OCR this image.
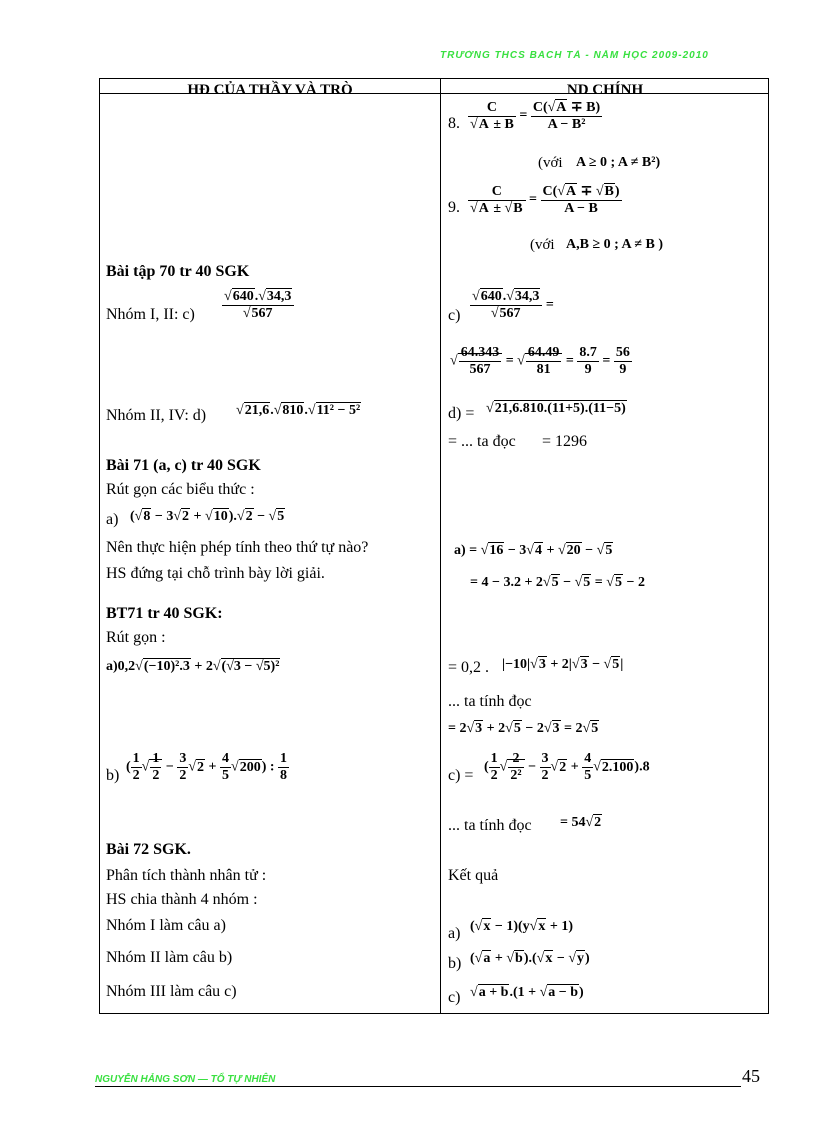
TRƯỜNG THCS BÁCH TẢ - NĂM HỌC 2009-2010
HĐ CỦA THẦY VÀ TRÒ	ND CHÍNH
Bài tập 70 tr 40 SGK
Nhóm I, II: $c) \frac{√640.√34,3}{√567}$
Nhóm II, IV: d) √21,6.√810.√11² − 5²
Bài 71 (a, c) tr 40 SGK
Rút gọn các biểu thức :
a) (√8 − 3√2 + √10).√2 − √5
Nên thực hiện phép tính theo thứ tự nào?
HS đứng tại chỗ trình bày lời giải.
BT71 tr 40 SGK:
Rút gọn :
a)0,2√(−10)².3 + 2√(√3 − √5)²
b) ( $\frac{1}{2}$ √ $\frac{1}{2} - \frac{3}{2} √2 + \frac{4}{5} √200$) : $\frac{1}{8}$
Bài 72 SGK.
Phân tích thành nhân tử :
HS chia thành 4 nhóm :
Nhóm I làm câu a)
Nhóm II làm câu b)
Nhóm III làm câu c)
8. $\frac{C}{√A \pm B} = \frac{C(√A \mp B)}{\text{A − B²}}$
(với A ≥ 0 ; A ≠ B²)
9. $\frac{C}{√A \pm √B} = \frac{C(√A \mp √B)}{A - B}$
(với A,B ≥ 0 ; A ≠ B )
$c) \frac{√640.√34,3}{√567}$ =
√ $\frac{64.343}{567}$ = √ $\frac{64.49}{81} = \frac{8.7}{9} = \frac{56}{9}$
d) = √21,6.810.(11+5).(11−5)
= ... ta đọc = 1296
a) = √16 − 3√4 + √20 − √5
= 4 − 3.2 + 2√5 − √5 = √5 − 2
= 0,2 . |−10|√3 + 2|√3 − √5|
... ta tính đọc
= 2√3 + 2√5 − 2√3 = 2√5
c) = ( $\frac{1}{2}$ √ $\frac{2}{\text{2²}} - \frac{3}{2} √2 + \frac{4}{5} √2.100).8$
... ta tính đọc = 54√2
Kết quả
a) (√x − 1)(y√x + 1)
b) (√a + √b).(√x − √y)
c) √a + b.(1 + √a − b)
NGUYỄN HẢNG SƠN — TỔ TỰ NHIÊN	45
